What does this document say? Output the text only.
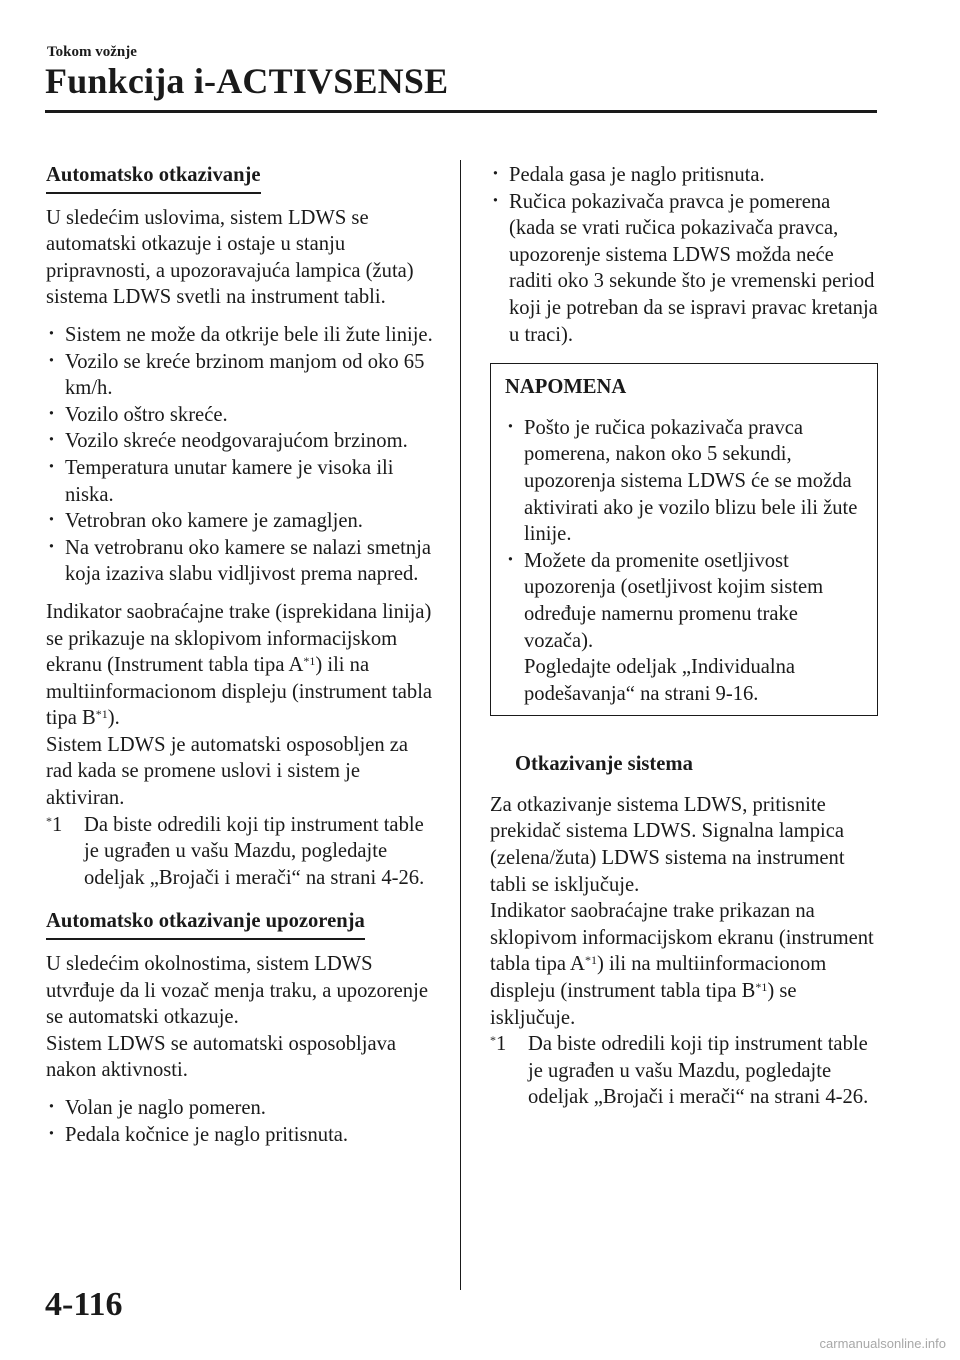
Tokom vožnje
Funkcija i-ACTIVSENSE
Automatsko otkazivanje

U sledećim uslovima, sistem LDWS se automatski otkazuje i ostaje u stanju pripravnosti, a upozoravajuća lampica (žuta) sistema LDWS svetli na instrument tabli.

· Sistem ne može da otkrije bele ili žute linije.
· Vozilo se kreće brzinom manjom od oko 65 km/h.
· Vozilo oštro skreće.
· Vozilo skreće neodgovarajućom brzinom.
· Temperatura unutar kamere je visoka ili niska.
· Vetrobran oko kamere je zamagljen.
· Na vetrobranu oko kamere se nalazi smetnja koja izaziva slabu vidljivost prema napred.

Indikator saobraćajne trake (isprekidana linija) se prikazuje na sklopivom informacijskom ekranu (Instrument tabla tipa $A^{*1}$) ili na multiinformacionom displeju (instrument tabla tipa $B^{*1}$).

Sistem LDWS je automatski osposobljen za rad kada se promene uslovi i sistem je aktiviran.

*1 Da biste odredili koji tip instrument table je ugrađen u vašu Mazdu, pogledajte odeljak „Brojači i merači“ na strani 4-26.
Automatsko otkazivanje upozorenja

U sledećim okolnostima, sistem LDWS utvrđuje da li vozač menja traku, a upozorenje se automatski otkazuje.

Sistem LDWS se automatski osposobljava nakon aktivnosti.

· Volan je naglo pomeren.
· Pedala kočnice je naglo pritisnuta.
· Pedala gasa je naglo pritisnuta.
· Ručica pokazivača pravca je pomerena (kada se vrati ručica pokazivača pravca, upozorenje sistema LDWS možda neće raditi oko 3 sekunde što je vremenski period koji je potreban da se ispravi pravac kretanja u traci).
NAPOMENA
· Pošto je ručica pokazivača pravca pomerena, nakon oko 5 sekundi, upozorenja sistema LDWS će se možda aktivirati ako je vozilo blizu bele ili žute linije.
· Možete da promenite osetljivost upozorenja (osetljivost kojim sistem određuje namernu promenu trake vozača).
Pogledajte odeljak „Individualna podešavanja“ na strani 9-16.

Otkazivanje sistema

Za otkazivanje sistema LDWS, pritisnite prekidač sistema LDWS. Signalna lampica (zelena/žuta) LDWS sistema na instrument tabli se isključuje.

Indikator saobraćajne trake prikazan na sklopivom informacijskom ekranu (instrument tabla tipa $A^{*1}$) ili na multiinformacionom displeju (instrument tabla tipa $B^{*1}$) se isključuje.

*1 Da biste odredili koji tip instrument table je ugrađen u vašu Mazdu, pogledajte odeljak „Brojači i merači“ na strani 4-26.
4-116
carmanualsonline.info
